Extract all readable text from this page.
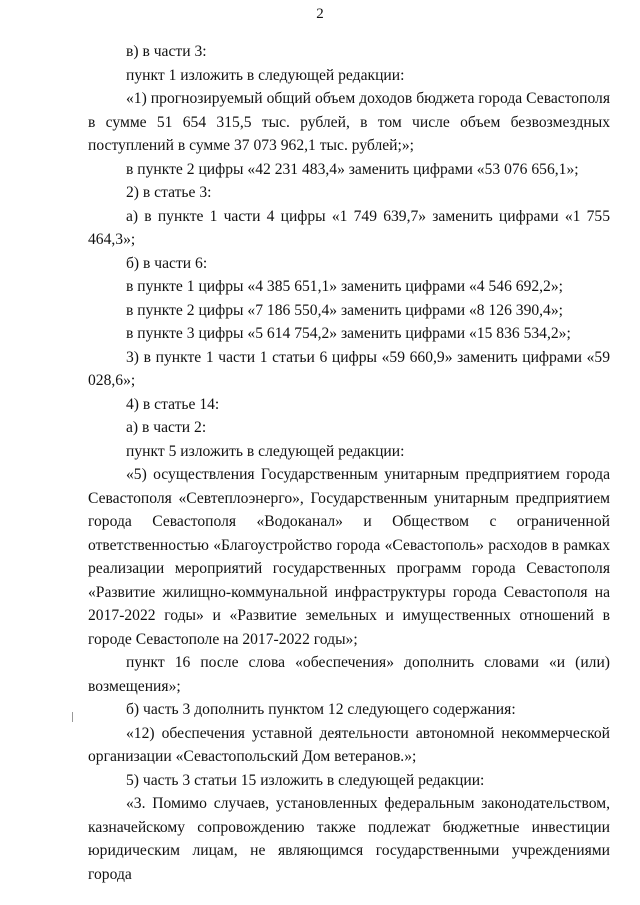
2

в) в части 3:

пункт 1 изложить в следующей редакции:

«1) прогнозируемый общий объем доходов бюджета города Севастополя в сумме 51 654 315,5 тыс. рублей, в том числе объем безвозмездных поступлений в сумме 37 073 962,1 тыс. рублей;»;

в пункте 2 цифры «42 231 483,4» заменить цифрами «53 076 656,1»;

2) в статье 3:

а) в пункте 1 части 4 цифры «1 749 639,7» заменить цифрами «1 755 464,3»;

б) в части 6:

в пункте 1 цифры «4 385 651,1» заменить цифрами «4 546 692,2»;

в пункте 2 цифры «7 186 550,4» заменить цифрами «8 126 390,4»;

в пункте 3 цифры «5 614 754,2» заменить цифрами «15 836 534,2»;

3) в пункте 1 части 1 статьи 6 цифры «59 660,9» заменить цифрами «59 028,6»;

4) в статье 14:

а) в части 2:

пункт 5 изложить в следующей редакции:

«5) осуществления Государственным унитарным предприятием города Севастополя «Севтеплоэнерго», Государственным унитарным предприятием города Севастополя «Водоканал» и Обществом с ограниченной ответственностью «Благоустройство города «Севастополь» расходов в рамках реализации мероприятий государственных программ города Севастополя «Развитие жилищно-коммунальной инфраструктуры города Севастополя на 2017-2022 годы» и «Развитие земельных и имущественных отношений в городе Севастополе на 2017-2022 годы»;

пункт 16 после слова «обеспечения» дополнить словами «и (или) возмещения»;

б) часть 3 дополнить пунктом 12 следующего содержания:

«12) обеспечения уставной деятельности автономной некоммерческой организации «Севастопольский Дом ветеранов.»;

5) часть 3 статьи 15 изложить в следующей редакции:

«3. Помимо случаев, установленных федеральным законодательством, казначейскому сопровождению также подлежат бюджетные инвестиции юридическим лицам, не являющимся государственными учреждениями города
